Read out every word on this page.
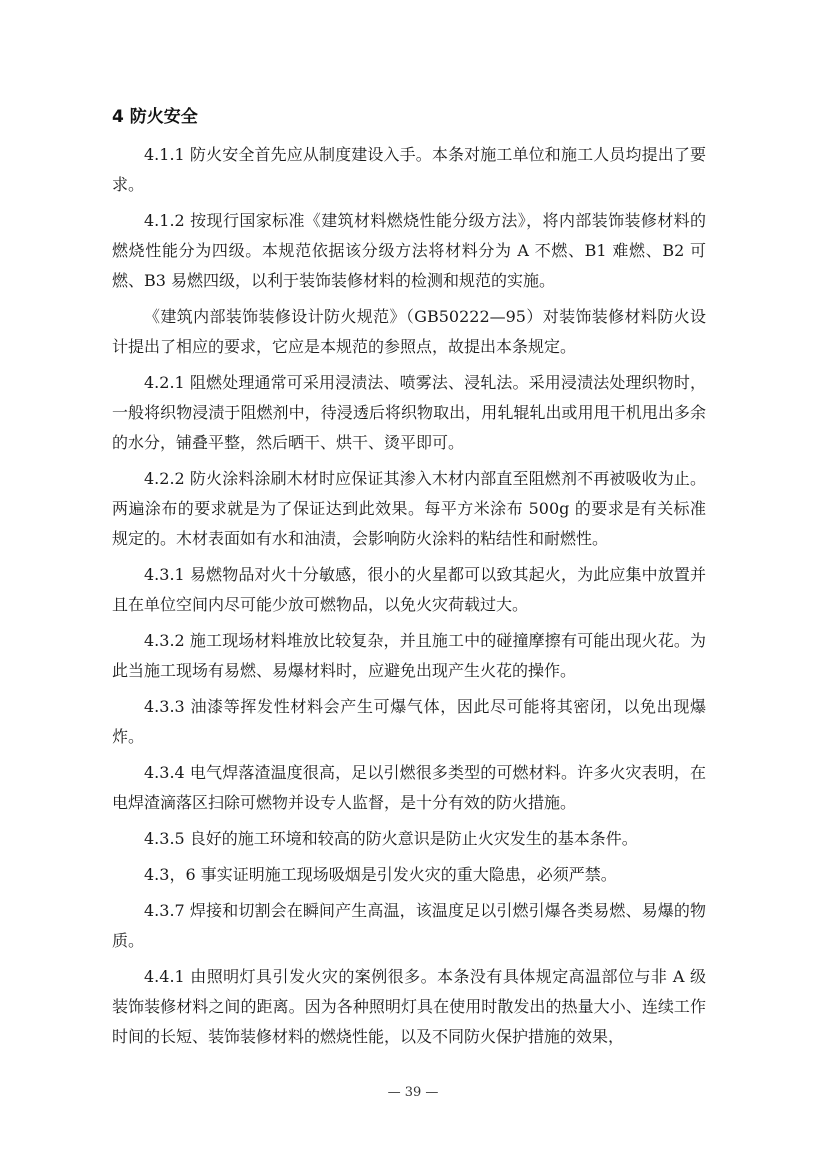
4 防火安全

4.1.1 防火安全首先应从制度建设入手。本条对施工单位和施工人员均提出了要求。

4.1.2 按现行国家标准《建筑材料燃烧性能分级方法》，将内部装饰装修材料的燃烧性能分为四级。本规范依据该分级方法将材料分为 A 不燃、B1 难燃、B2 可燃、B3 易燃四级，以利于装饰装修材料的检测和规范的实施。

《建筑内部装饰装修设计防火规范》（GB50222—95）对装饰装修材料防火设计提出了相应的要求，它应是本规范的参照点，故提出本条规定。

4.2.1 阻燃处理通常可采用浸渍法、喷雾法、浸轧法。采用浸渍法处理织物时，一般将织物浸渍于阻燃剂中，待浸透后将织物取出，用轧辊轧出或用甩干机甩出多余的水分，铺叠平整，然后晒干、烘干、烫平即可。

4.2.2 防火涂料涂刷木材时应保证其渗入木材内部直至阻燃剂不再被吸收为止。两遍涂布的要求就是为了保证达到此效果。每平方米涂布 500g 的要求是有关标准规定的。木材表面如有水和油渍，会影响防火涂料的粘结性和耐燃性。

4.3.1 易燃物品对火十分敏感，很小的火星都可以致其起火，为此应集中放置并且在单位空间内尽可能少放可燃物品，以免火灾荷载过大。

4.3.2 施工现场材料堆放比较复杂，并且施工中的碰撞摩擦有可能出现火花。为此当施工现场有易燃、易爆材料时，应避免出现产生火花的操作。

4.3.3 油漆等挥发性材料会产生可爆气体，因此尽可能将其密闭，以免出现爆炸。

4.3.4 电气焊落渣温度很高，足以引燃很多类型的可燃材料。许多火灾表明，在电焊渣滴落区扫除可燃物并设专人监督，是十分有效的防火措施。

4.3.5 良好的施工环境和较高的防火意识是防止火灾发生的基本条件。

4.3，6 事实证明施工现场吸烟是引发火灾的重大隐患，必须严禁。

4.3.7 焊接和切割会在瞬间产生高温，该温度足以引燃引爆各类易燃、易爆的物质。

4.4.1 由照明灯具引发火灾的案例很多。本条没有具体规定高温部位与非 A 级装饰装修材料之间的距离。因为各种照明灯具在使用时散发出的热量大小、连续工作时间的长短、装饰装修材料的燃烧性能，以及不同防火保护措施的效果，

— 39 —
